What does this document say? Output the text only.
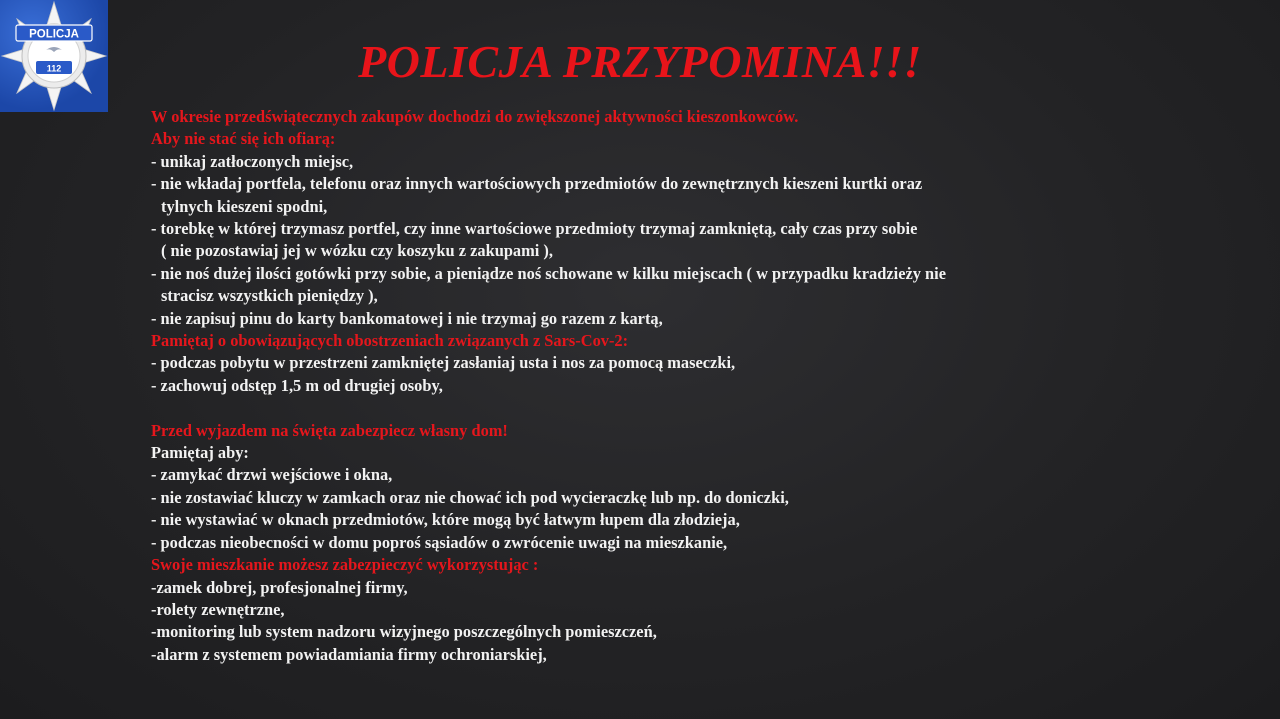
POLICJA
112	POLICJA PRZYPOMINA!!!
W okresie przedświątecznych zakupów dochodzi do zwiększonej aktywności kieszonkowców.
Aby nie stać się ich ofiarą:
- unikaj zatłoczonych miejsc,
- nie wkładaj portfela, telefonu oraz innych wartościowych przedmiotów do zewnętrznych kieszeni kurtki oraz
tylnych kieszeni spodni,
- torebkę w której trzymasz portfel, czy inne wartościowe przedmioty trzymaj zamkniętą, cały czas przy sobie
( nie pozostawiaj jej w wózku czy koszyku z zakupami ),
- nie noś dużej ilości gotówki przy sobie, a pieniądze noś schowane w kilku miejscach ( w przypadku kradzieży nie
stracisz wszystkich pieniędzy ),
- nie zapisuj pinu do karty bankomatowej i nie trzymaj go razem z kartą,
Pamiętaj o obowiązujących obostrzeniach związanych z Sars-Cov-2:
- podczas pobytu w przestrzeni zamkniętej zasłaniaj usta i nos za pomocą maseczki,
- zachowuj odstęp 1,5 m od drugiej osoby,
Przed wyjazdem na święta zabezpiecz własny dom!
Pamiętaj aby:
- zamykać drzwi wejściowe i okna,
- nie zostawiać kluczy w zamkach oraz nie chować ich pod wycieraczkę lub np. do doniczki,
- nie wystawiać w oknach przedmiotów, które mogą być łatwym łupem dla złodzieja,
- podczas nieobecności w domu poproś sąsiadów o zwrócenie uwagi na mieszkanie,
Swoje mieszkanie możesz zabezpieczyć wykorzystując :
-zamek dobrej, profesjonalnej firmy,
-rolety zewnętrzne,
-monitoring lub system nadzoru wizyjnego poszczególnych pomieszczeń,
-alarm z systemem powiadamiania firmy ochroniarskiej,
